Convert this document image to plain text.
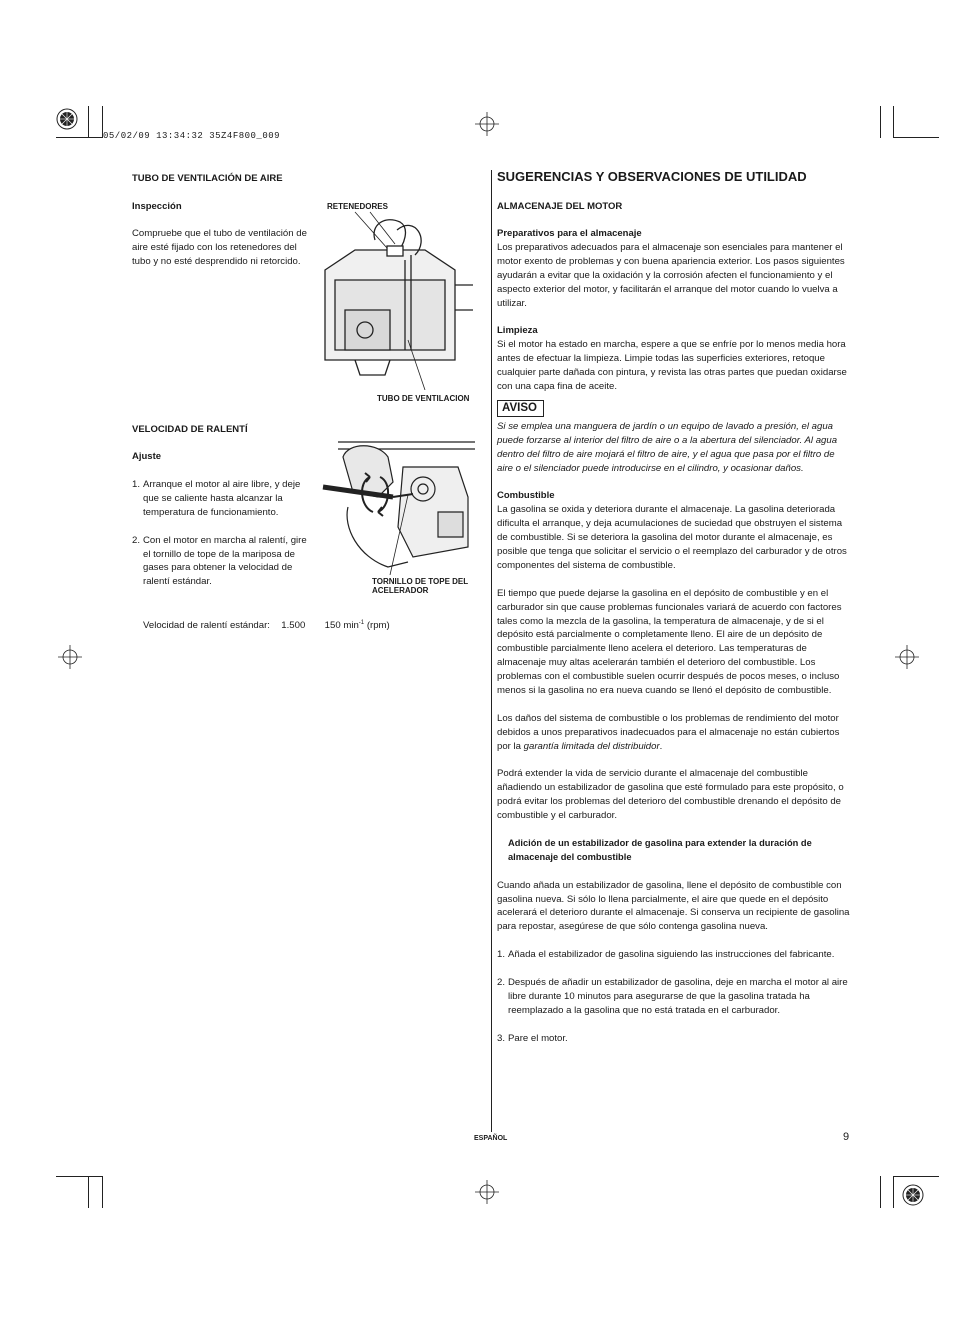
05/02/09 13:34:32 35Z4F800_009
TUBO DE VENTILACIÓN DE AIRE
Inspección
Compruebe que el tubo de ventilación de aire esté fijado con los retenedores del tubo y no esté desprendido ni retorcido.
RETENEDORES
TUBO DE VENTILACION
VELOCIDAD DE RALENTÍ
Ajuste
1. Arranque el motor al aire libre, y deje que se caliente hasta alcanzar la temperatura de funcionamiento.
2. Con el motor en marcha al ralentí, gire el tornillo de tope de la mariposa de gases para obtener la velocidad de ralentí estándar.
Velocidad de ralentí estándar: 1.500 150 $\min^{-1} (rpm)$
TORNILLO DE TOPE DEL ACELERADOR
SUGERENCIAS Y OBSERVACIONES DE UTILIDAD
ALMACENAJE DEL MOTOR
Preparativos para el almacenaje

Los preparativos adecuados para el almacenaje son esenciales para mantener el motor exento de problemas y con buena apariencia exterior. Los pasos siguientes ayudarán a evitar que la oxidación y la corrosión afecten el funcionamiento y el aspecto exterior del motor, y facilitarán el arranque del motor cuando lo vuelva a utilizar.

Limpieza

Si el motor ha estado en marcha, espere a que se enfríe por lo menos media hora antes de efectuar la limpieza. Limpie todas las superficies exteriores, retoque cualquier parte dañada con pintura, y revista las otras partes que puedan oxidarse con una capa fina de aceite.

AVISO

Si se emplea una manguera de jardín o un equipo de lavado a presión, el agua puede forzarse al interior del filtro de aire o a la abertura del silenciador. Al agua dentro del filtro de aire mojará el filtro de aire, y el agua que pasa por el filtro de aire o el silenciador puede introducirse en el cilindro, y ocasionar daños.

Combustible

La gasolina se oxida y deteriora durante el almacenaje. La gasolina deteriorada dificulta el arranque, y deja acumulaciones de suciedad que obstruyen el sistema de combustible. Si se deteriora la gasolina del motor durante el almacenaje, es posible que tenga que solicitar el servicio o el reemplazo del carburador y de otros componentes del sistema de combustible.

El tiempo que puede dejarse la gasolina en el depósito de combustible y en el carburador sin que cause problemas funcionales variará de acuerdo con factores tales como la mezcla de la gasolina, la temperatura de almacenaje, y de si el depósito está parcialmente o completamente lleno. El aire de un depósito de combustible parcialmente lleno acelera el deterioro. Las temperaturas de almacenaje muy altas acelerarán también el deterioro del combustible. Los problemas con el combustible suelen ocurrir después de pocos meses, o incluso menos si la gasolina no era nueva cuando se llenó el depósito de combustible.

Los daños del sistema de combustible o los problemas de rendimiento del motor debidos a unos preparativos inadecuados para el almacenaje no están cubiertos por la garantía limitada del distribuidor.

Podrá extender la vida de servicio durante el almacenaje del combustible añadiendo un estabilizador de gasolina que esté formulado para este propósito, o podrá evitar los problemas del deterioro del combustible drenando el depósito de combustible y el carburador.

Adición de un estabilizador de gasolina para extender la duración de almacenaje del combustible

Cuando añada un estabilizador de gasolina, llene el depósito de combustible con gasolina nueva. Si sólo lo llena parcialmente, el aire que quede en el depósito acelerará el deterioro durante el almacenaje. Si conserva un recipiente de gasolina para repostar, asegúrese de que sólo contenga gasolina nueva.

1. Añada el estabilizador de gasolina siguiendo las instrucciones del fabricante.
2. Después de añadir un estabilizador de gasolina, deje en marcha el motor al aire libre durante 10 minutos para asegurarse de que la gasolina tratada ha reemplazado a la gasolina que no está tratada en el carburador.
3. Pare el motor.
ESPAÑOL	9
